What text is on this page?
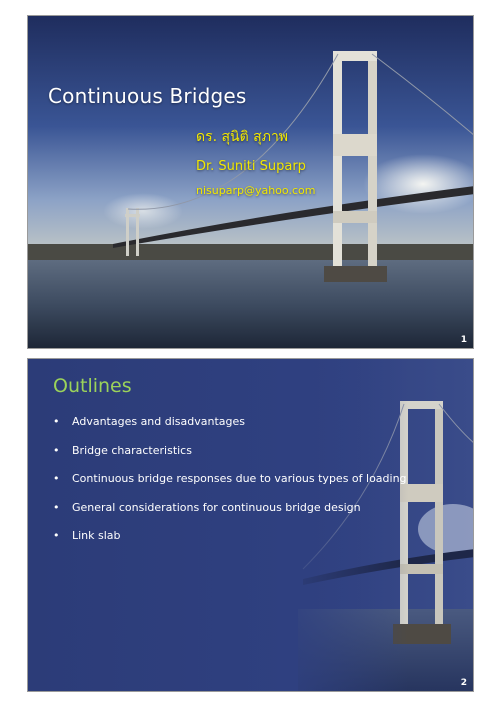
Continuous Bridges
ดร. สุนิติ สุภาพ
Dr. Suniti Suparp
nisuparp@yahoo.com
1
Outlines
• Advantages and disadvantages
• Bridge characteristics
• Continuous bridge responses due to various types of loading
• General considerations for continuous bridge design
• Link slab
2
